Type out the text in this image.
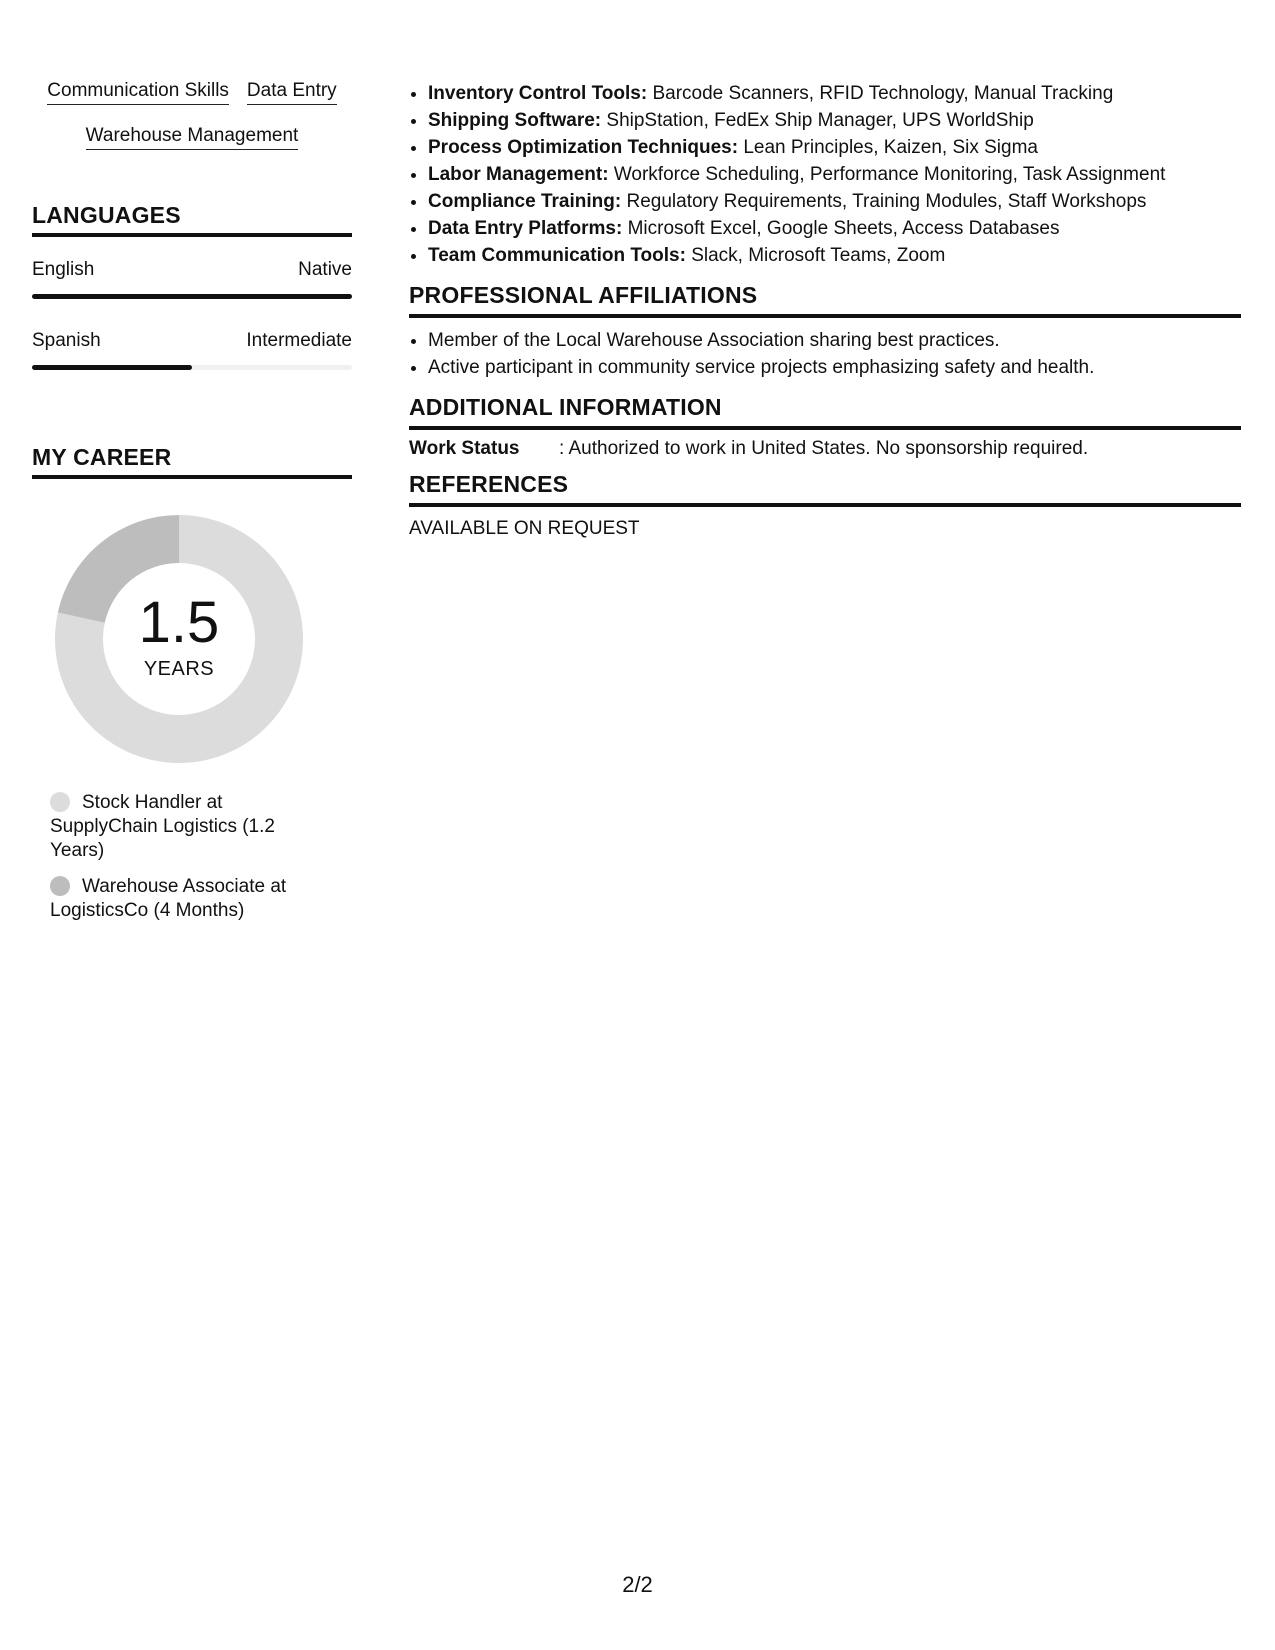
Communication Skills Data Entry
Warehouse Management
LANGUAGES
English	Native
Spanish	Intermediate
MY CAREER
1.5
YEARS
Stock Handler at SupplyChain Logistics (1.2 Years)
Warehouse Associate at LogisticsCo (4 Months)
• Inventory Control Tools: Barcode Scanners, RFID Technology, Manual Tracking
• Shipping Software: ShipStation, FedEx Ship Manager, UPS WorldShip
• Process Optimization Techniques: Lean Principles, Kaizen, Six Sigma
• Labor Management: Workforce Scheduling, Performance Monitoring, Task Assignment
• Compliance Training: Regulatory Requirements, Training Modules, Staff Workshops
• Data Entry Platforms: Microsoft Excel, Google Sheets, Access Databases
• Team Communication Tools: Slack, Microsoft Teams, Zoom
PROFESSIONAL AFFILIATIONS
• Member of the Local Warehouse Association sharing best practices.
• Active participant in community service projects emphasizing safety and health.
ADDITIONAL INFORMATION
Work Status	: Authorized to work in United States. No sponsorship required.
REFERENCES
AVAILABLE ON REQUEST
2/2
